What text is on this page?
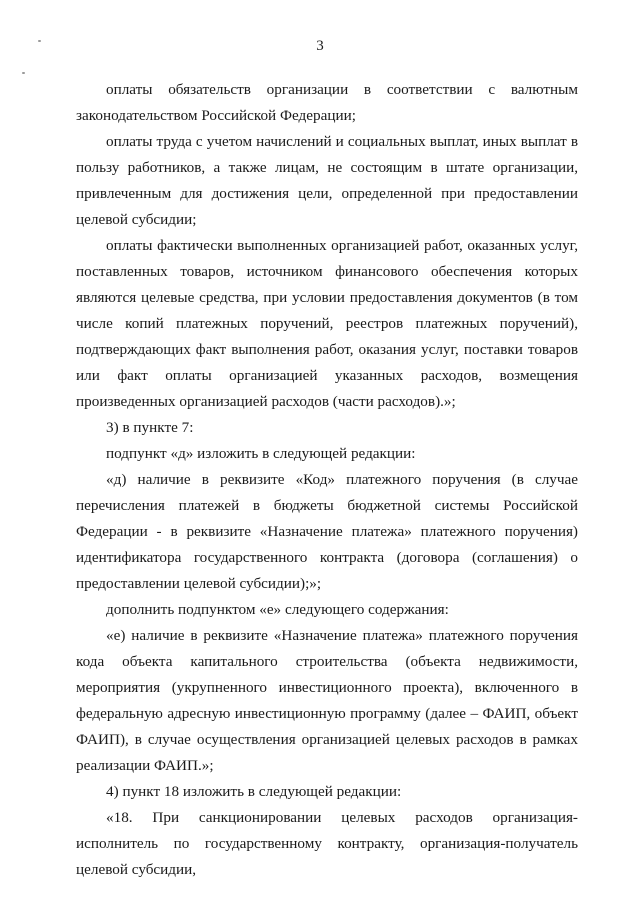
3

оплаты обязательств организации в соответствии с валютным законодательством Российской Федерации;

оплаты труда с учетом начислений и социальных выплат, иных выплат в пользу работников, а также лицам, не состоящим в штате организации, привлеченным для достижения цели, определенной при предоставлении целевой субсидии;

оплаты фактически выполненных организацией работ, оказанных услуг, поставленных товаров, источником финансового обеспечения которых являются целевые средства, при условии предоставления документов (в том числе копий платежных поручений, реестров платежных поручений), подтверждающих факт выполнения работ, оказания услуг, поставки товаров или факт оплаты организацией указанных расходов, возмещения произведенных организацией расходов (части расходов).»;

3) в пункте 7:

подпункт «д» изложить в следующей редакции:

«д) наличие в реквизите «Код» платежного поручения (в случае перечисления платежей в бюджеты бюджетной системы Российской Федерации - в реквизите «Назначение платежа» платежного поручения) идентификатора государственного контракта (договора (соглашения) о предоставлении целевой субсидии);»;

дополнить подпунктом «е» следующего содержания:

«е) наличие в реквизите «Назначение платежа» платежного поручения кода объекта капитального строительства (объекта недвижимости, мероприятия (укрупненного инвестиционного проекта), включенного в федеральную адресную инвестиционную программу (далее – ФАИП, объект ФАИП), в случае осуществления организацией целевых расходов в рамках реализации ФАИП.»;

4) пункт 18 изложить в следующей редакции:

«18. При санкционировании целевых расходов организация-исполнитель по государственному контракту, организация-получатель целевой субсидии,
